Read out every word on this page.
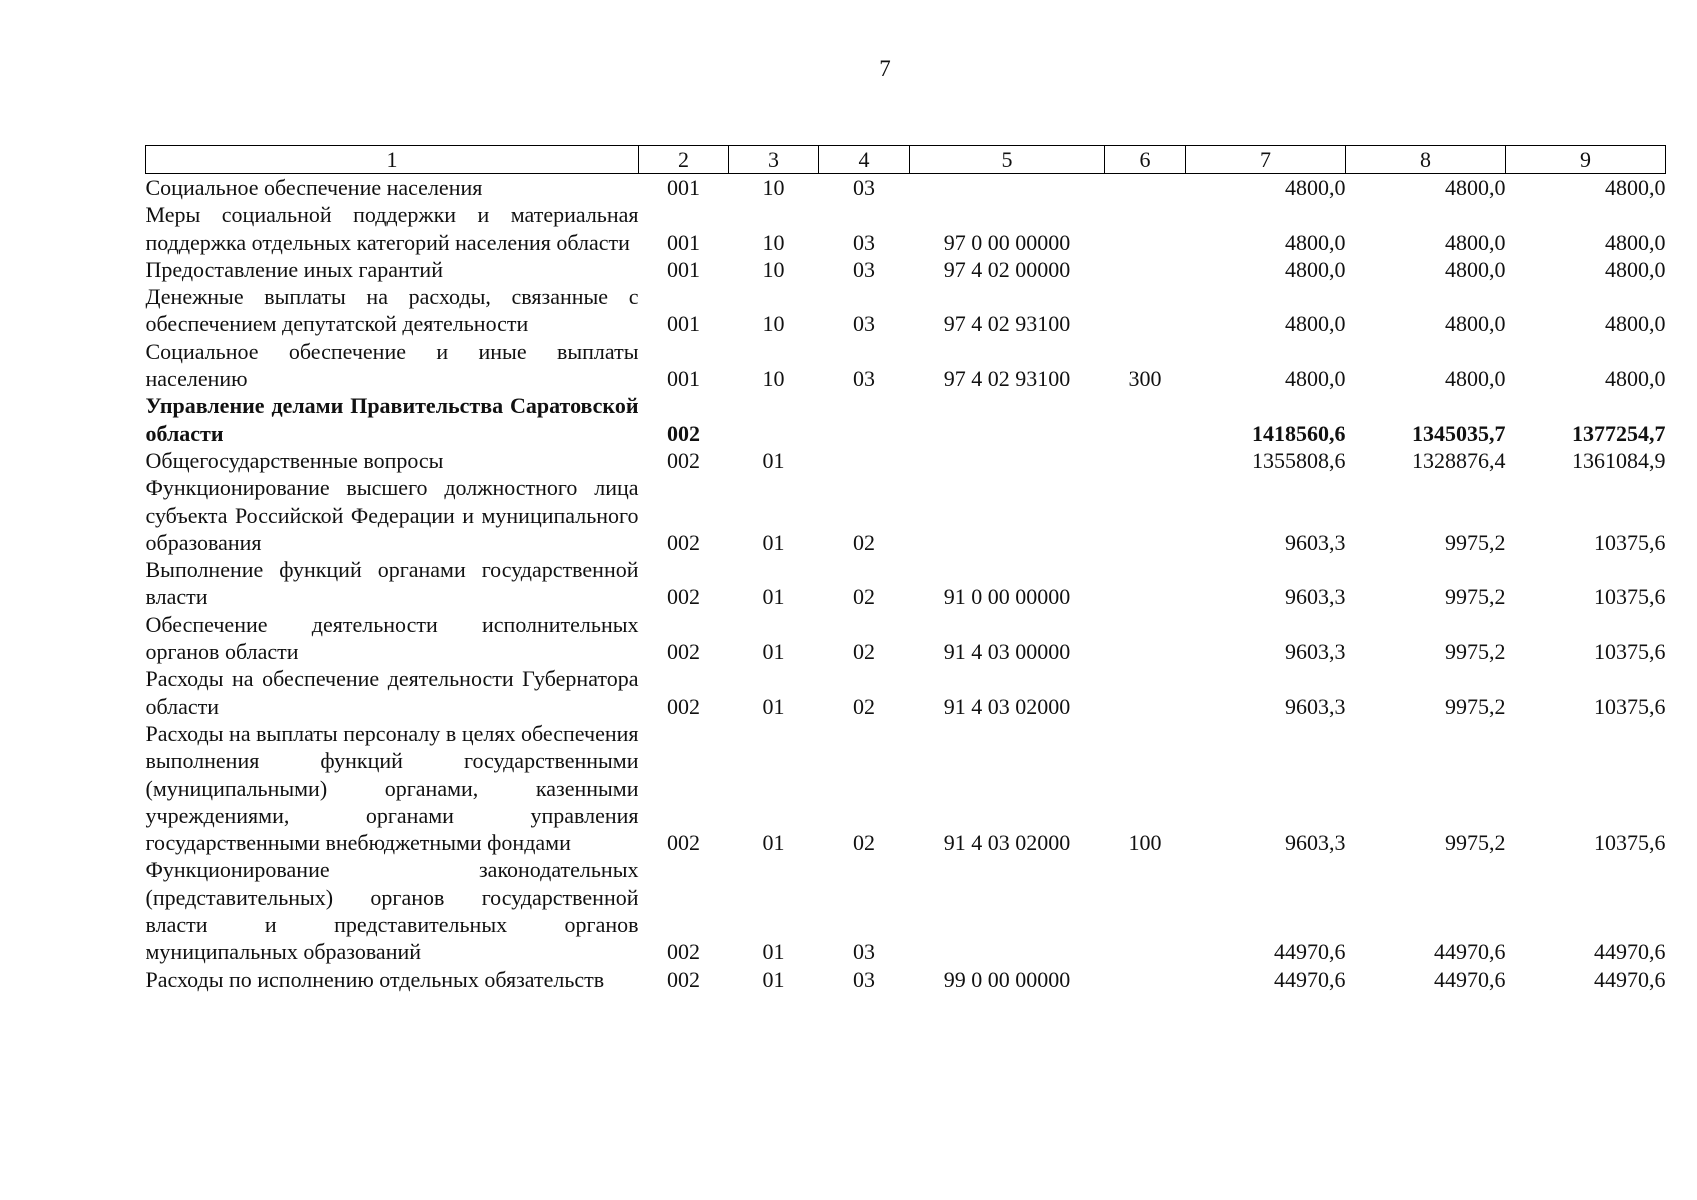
7
1	2	3	4	5	6	7	8	9
Социальное обеспечение населения	001	10	03			4800,0	4800,0	4800,0
Меры социальной поддержки и материальная поддержка отдельных категорий населения области	001	10	03	97 0 00 00000		4800,0	4800,0	4800,0
Предоставление иных гарантий	001	10	03	97 4 02 00000		4800,0	4800,0	4800,0
Денежные выплаты на расходы, связанные с обеспечением депутатской деятельности	001	10	03	97 4 02 93100		4800,0	4800,0	4800,0
Социальное обеспечение и иные выплаты населению	001	10	03	97 4 02 93100	300	4800,0	4800,0	4800,0
Управление делами Правительства Саратовской области	002					1418560,6	1345035,7	1377254,7
Общегосударственные вопросы	002	01				1355808,6	1328876,4	1361084,9
Функционирование высшего должностного лица субъекта Российской Федерации и муниципального образования	002	01	02			9603,3	9975,2	10375,6
Выполнение функций органами государственной власти	002	01	02	91 0 00 00000		9603,3	9975,2	10375,6
Обеспечение деятельности исполнительных органов области	002	01	02	91 4 03 00000		9603,3	9975,2	10375,6
Расходы на обеспечение деятельности Губернатора области	002	01	02	91 4 03 02000		9603,3	9975,2	10375,6
Расходы на выплаты персоналу в целях обеспечения выполнения функций государственными (муниципальными) органами, казенными учреждениями, органами управления государственными внебюджетными фондами	002	01	02	91 4 03 02000	100	9603,3	9975,2	10375,6
Функционирование законодательных (представительных) органов государственной власти и представительных органов муниципальных образований	002	01	03			44970,6	44970,6	44970,6
Расходы по исполнению отдельных обязательств	002	01	03	99 0 00 00000		44970,6	44970,6	44970,6
